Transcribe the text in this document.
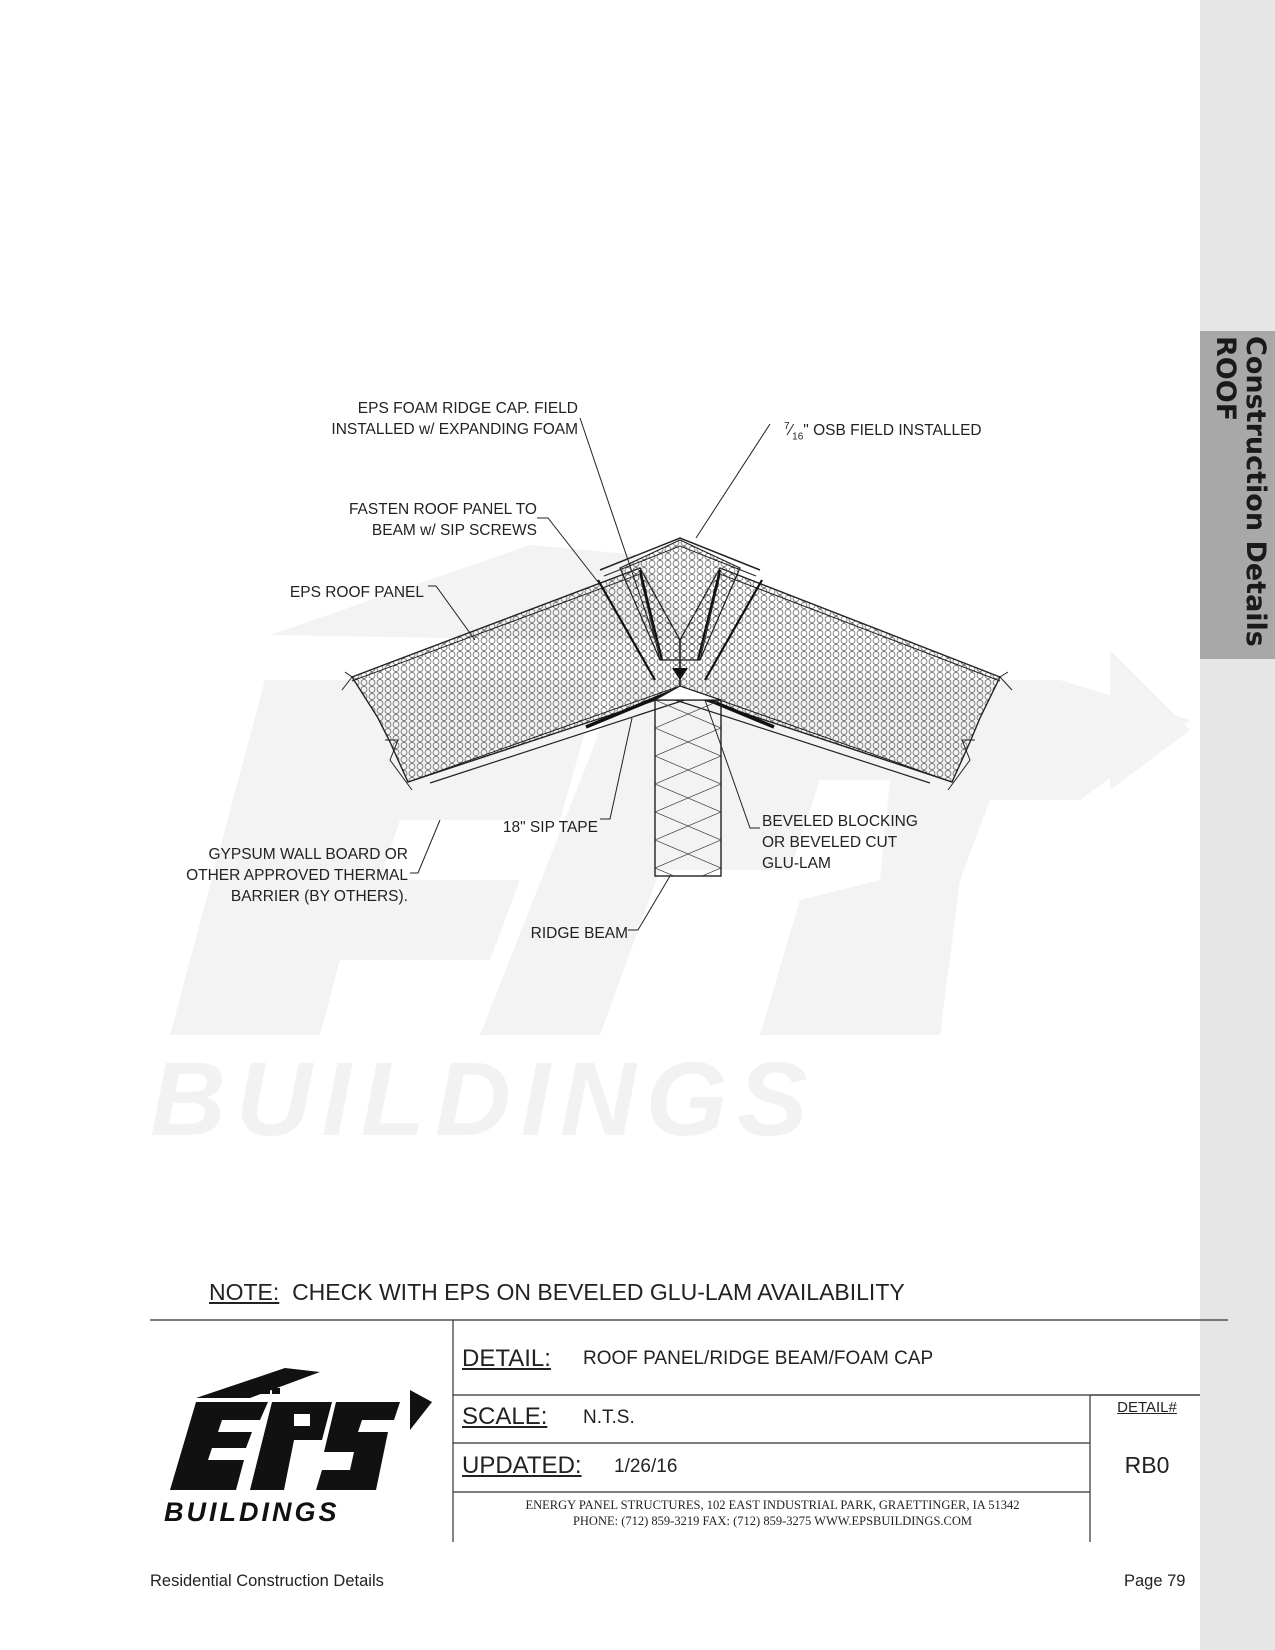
Construction Details
ROOF
BUILDINGS
EPS FOAM RIDGE CAP. FIELD
INSTALLED w/ EXPANDING FOAM	$^7⁄_{16}$" OSB FIELD INSTALLED
FASTEN ROOF PANEL TO
BEAM w/ SIP SCREWS
EPS ROOF PANEL
18" SIP TAPE	BEVELED BLOCKING
OR BEVELED CUT
GLU-LAM
GYPSUM WALL BOARD OR
OTHER APPROVED THERMAL
BARRIER (BY OTHERS).
RIDGE BEAM
NOTE: CHECK WITH EPS ON BEVELED GLU-LAM AVAILABILITY
BUILDINGS
DETAIL: ROOF PANEL/RIDGE BEAM/FOAM CAP
SCALE: N.T.S.
UPDATED: 1/26/16
DETAIL#
RB0
ENERGY PANEL STRUCTURES, 102 EAST INDUSTRIAL PARK, GRAETTINGER, IA 51342
PHONE: (712) 859-3219 FAX: (712) 859-3275 WWW.EPSBUILDINGS.COM
Residential Construction Details	Page 79
